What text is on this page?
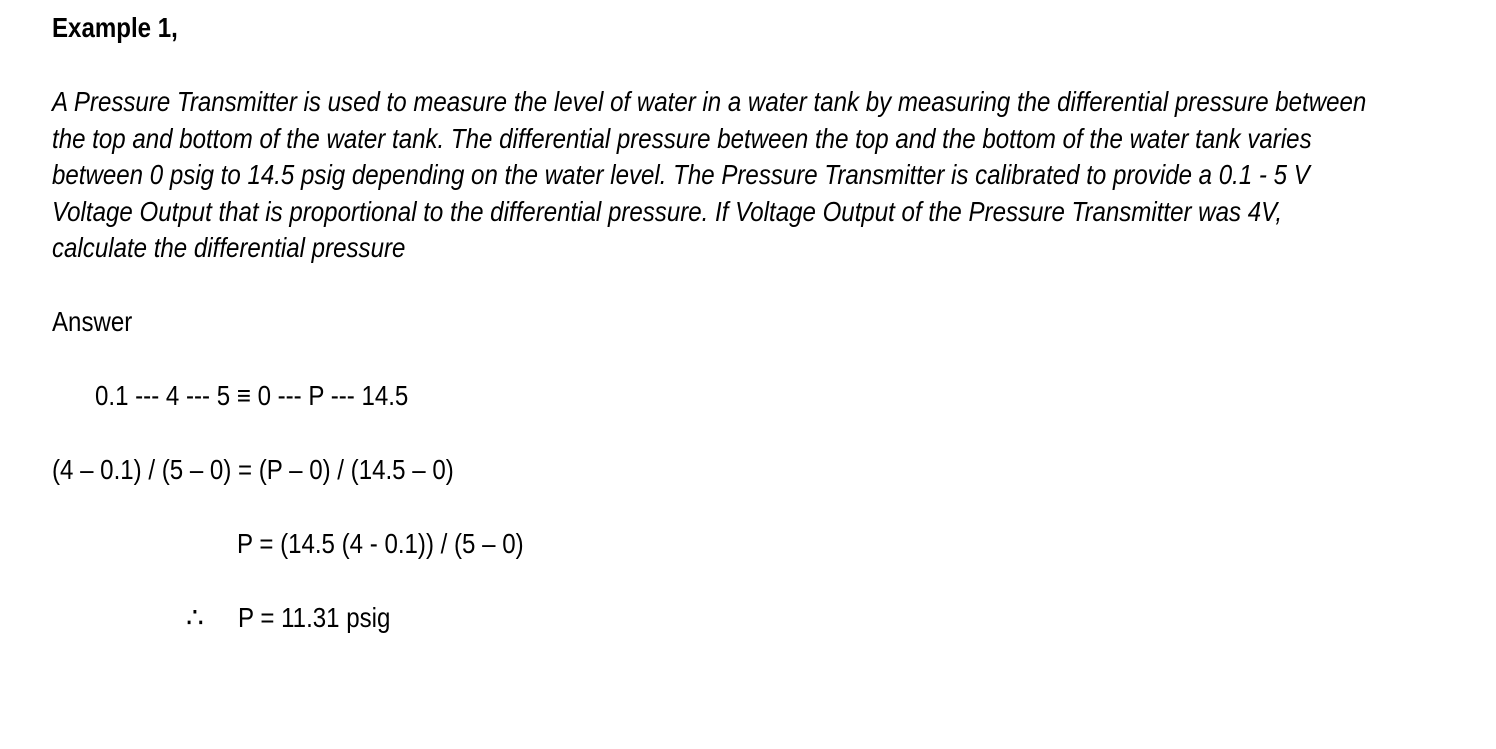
Example 1,
A Pressure Transmitter is used to measure the level of water in a water tank by measuring the differential pressure between
the top and bottom of the water tank. The differential pressure between the top and the bottom of the water tank varies
between 0 psig to 14.5 psig depending on the water level. The Pressure Transmitter is calibrated to provide a 0.1 - 5 V
Voltage Output that is proportional to the differential pressure. If Voltage Output of the Pressure Transmitter was 4V,
calculate the differential pressure
Answer
0.1 --- 4 --- 5 ≡ 0 --- P --- 14.5
(4 – 0.1) / (5 – 0) = (P – 0) / (14.5 – 0)
P = (14.5 (4 - 0.1)) / (5 – 0)
∴ P = 11.31 psig
